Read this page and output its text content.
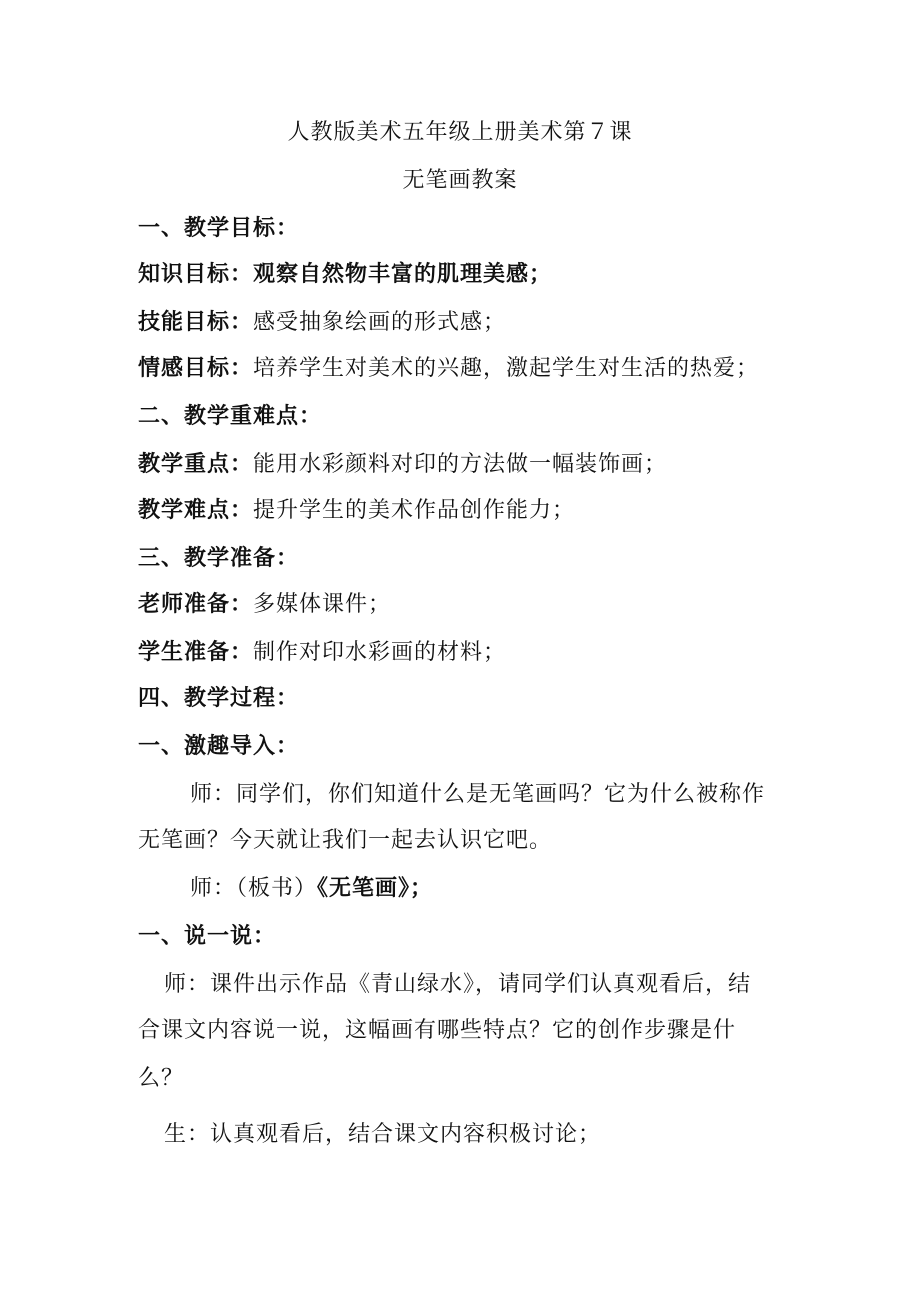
人教版美术五年级上册美术第７课
无笔画教案
一、教学目标：
知识目标：观察自然物丰富的肌理美感；
技能目标：感受抽象绘画的形式感；
情感目标：培养学生对美术的兴趣，激起学生对生活的热爱；
二、教学重难点：
教学重点：能用水彩颜料对印的方法做一幅装饰画；
教学难点：提升学生的美术作品创作能力；
三、教学准备：
老师准备：多媒体课件；
学生准备：制作对印水彩画的材料；
四、教学过程：
一、激趣导入：
师：同学们，你们知道什么是无笔画吗？它为什么被称作
无笔画？今天就让我们一起去认识它吧。
师：（板书）《无笔画》；
一、说一说：
师：课件出示作品《青山绿水》，请同学们认真观看后，结
合课文内容说一说，这幅画有哪些特点？它的创作步骤是什
么？
生：认真观看后，结合课文内容积极讨论；
